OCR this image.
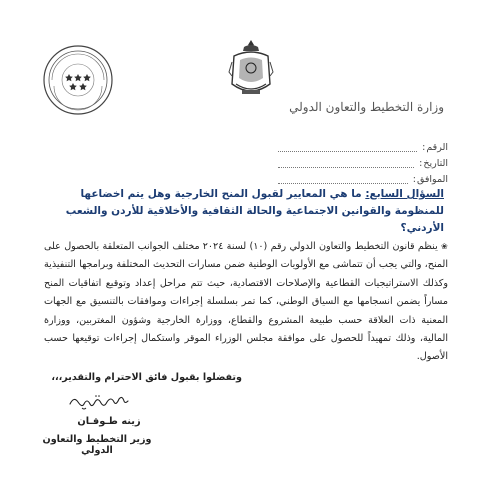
وزارة التخطيط والتعاون الدولي
الرقم
:
التاريخ
:
الموافق
:
السؤال السابع: ما هي المعايير لقبول المنح الخارجية وهل يتم اخضاعها للمنظومة والقوانين الاجتماعية والحالة الثقافية والأخلاقية للأردن والشعب الأردني؟
❀ ينظم قانون التخطيط والتعاون الدولي رقم (١٠) لسنة ٢٠٢٤ مختلف الجوانب المتعلقة بالحصول على المنح، والتي يجب أن تتماشى مع الأولويات الوطنية ضمن مسارات التحديث المختلفة وبرامجها التنفيذية وكذلك الاستراتيجيات القطاعية والإصلاحات الاقتصادية، حيث تتم مراحل إعداد وتوقيع اتفاقيات المنح مساراً يضمن انسجامها مع السياق الوطني، كما تمر بسلسلة إجراءات وموافقات بالتنسيق مع الجهات المعنية ذات العلاقة حسب طبيعة المشروع والقطاع، ووزارة الخارجية وشؤون المغتربين، ووزارة المالية، وذلك تمهيداً للحصول على موافقة مجلس الوزراء الموقر واستكمال إجراءات توقيعها حسب الأصول.
وتفضلوا بقبول فائق الاحترام والتقدير،،،
زينه طـوقـان
وزير التخطيط والتعاون الدولي
